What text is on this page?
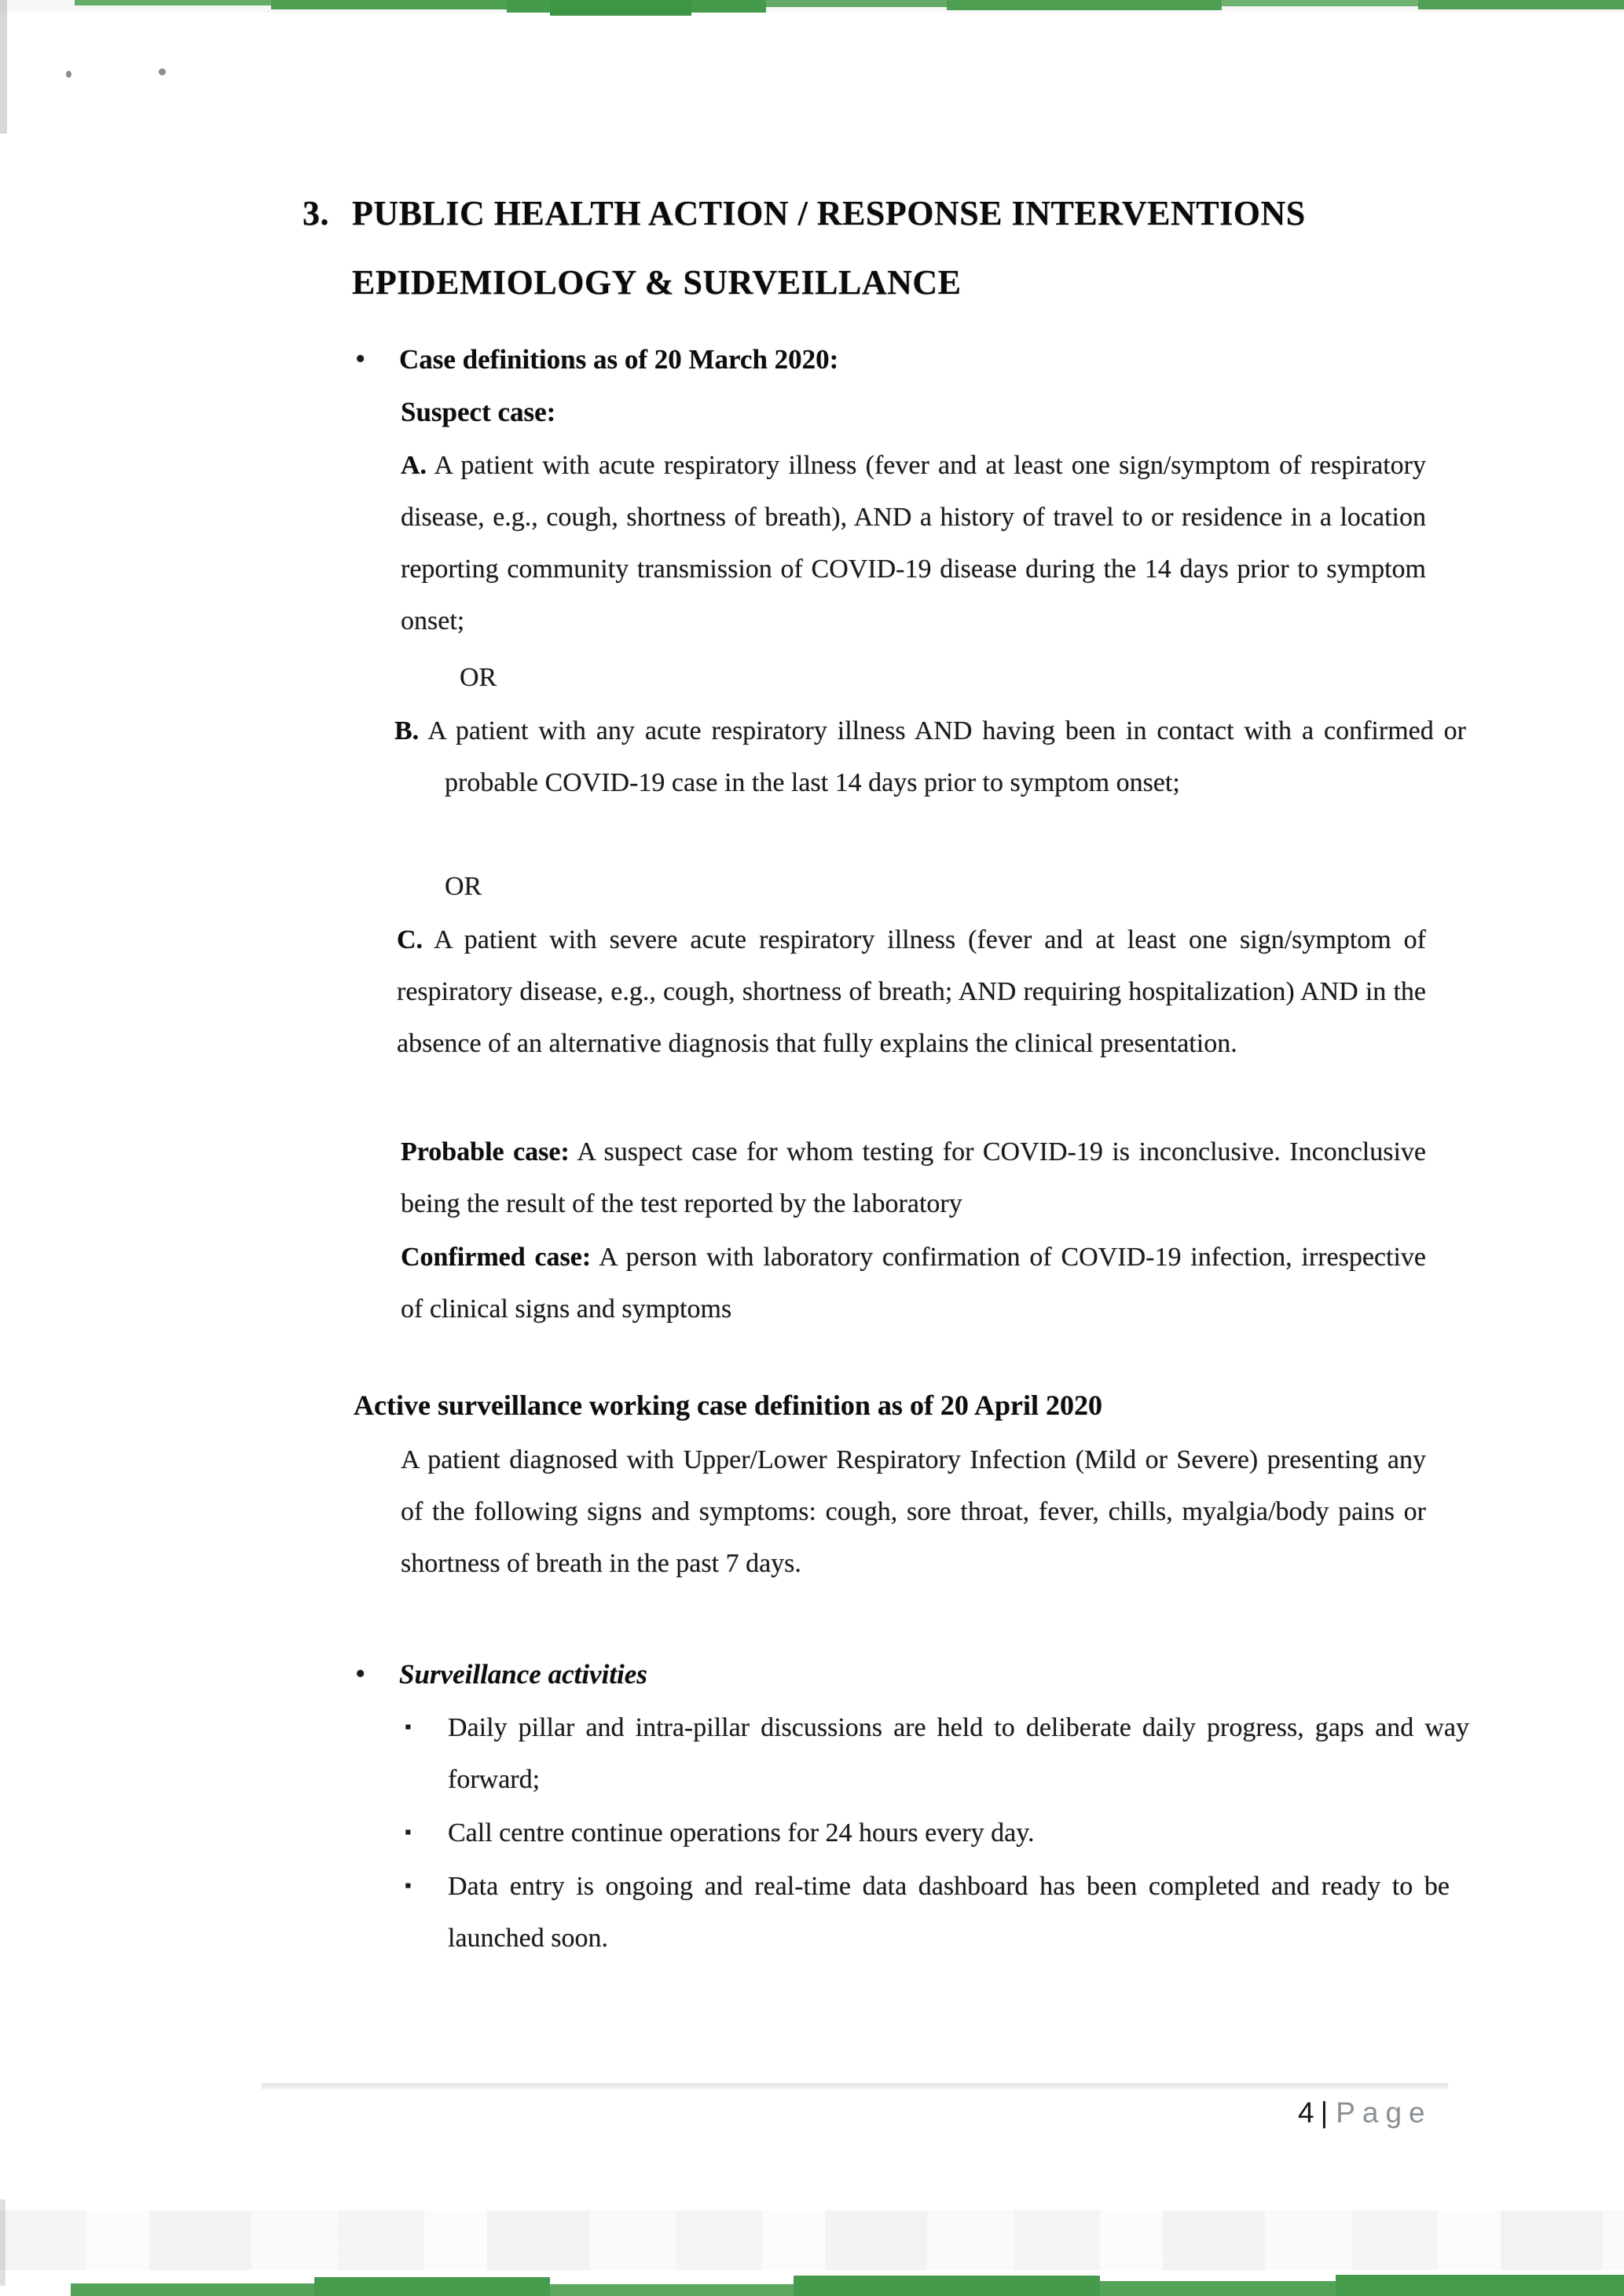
3. PUBLIC HEALTH ACTION / RESPONSE INTERVENTIONS
EPIDEMIOLOGY & SURVEILLANCE
• Case definitions as of 20 March 2020:
Suspect case:
A. A patient with acute respiratory illness (fever and at least one sign/symptom of respiratory disease, e.g., cough, shortness of breath), AND a history of travel to or residence in a location reporting community transmission of COVID-19 disease during the 14 days prior to symptom onset;
OR
B. A patient with any acute respiratory illness AND having been in contact with a confirmed or probable COVID-19 case in the last 14 days prior to symptom onset;
OR
C. A patient with severe acute respiratory illness (fever and at least one sign/symptom of respiratory disease, e.g., cough, shortness of breath; AND requiring hospitalization) AND in the absence of an alternative diagnosis that fully explains the clinical presentation.
Probable case: A suspect case for whom testing for COVID-19 is inconclusive. Inconclusive being the result of the test reported by the laboratory
Confirmed case: A person with laboratory confirmation of COVID-19 infection, irrespective of clinical signs and symptoms
Active surveillance working case definition as of 20 April 2020
A patient diagnosed with Upper/Lower Respiratory Infection (Mild or Severe) presenting any of the following signs and symptoms: cough, sore throat, fever, chills, myalgia/body pains or shortness of breath in the past 7 days.
• Surveillance activities
▪ Daily pillar and intra-pillar discussions are held to deliberate daily progress, gaps and way forward;
▪ Call centre continue operations for 24 hours every day.
▪ Data entry is ongoing and real-time data dashboard has been completed and ready to be launched soon.
4 | Page
